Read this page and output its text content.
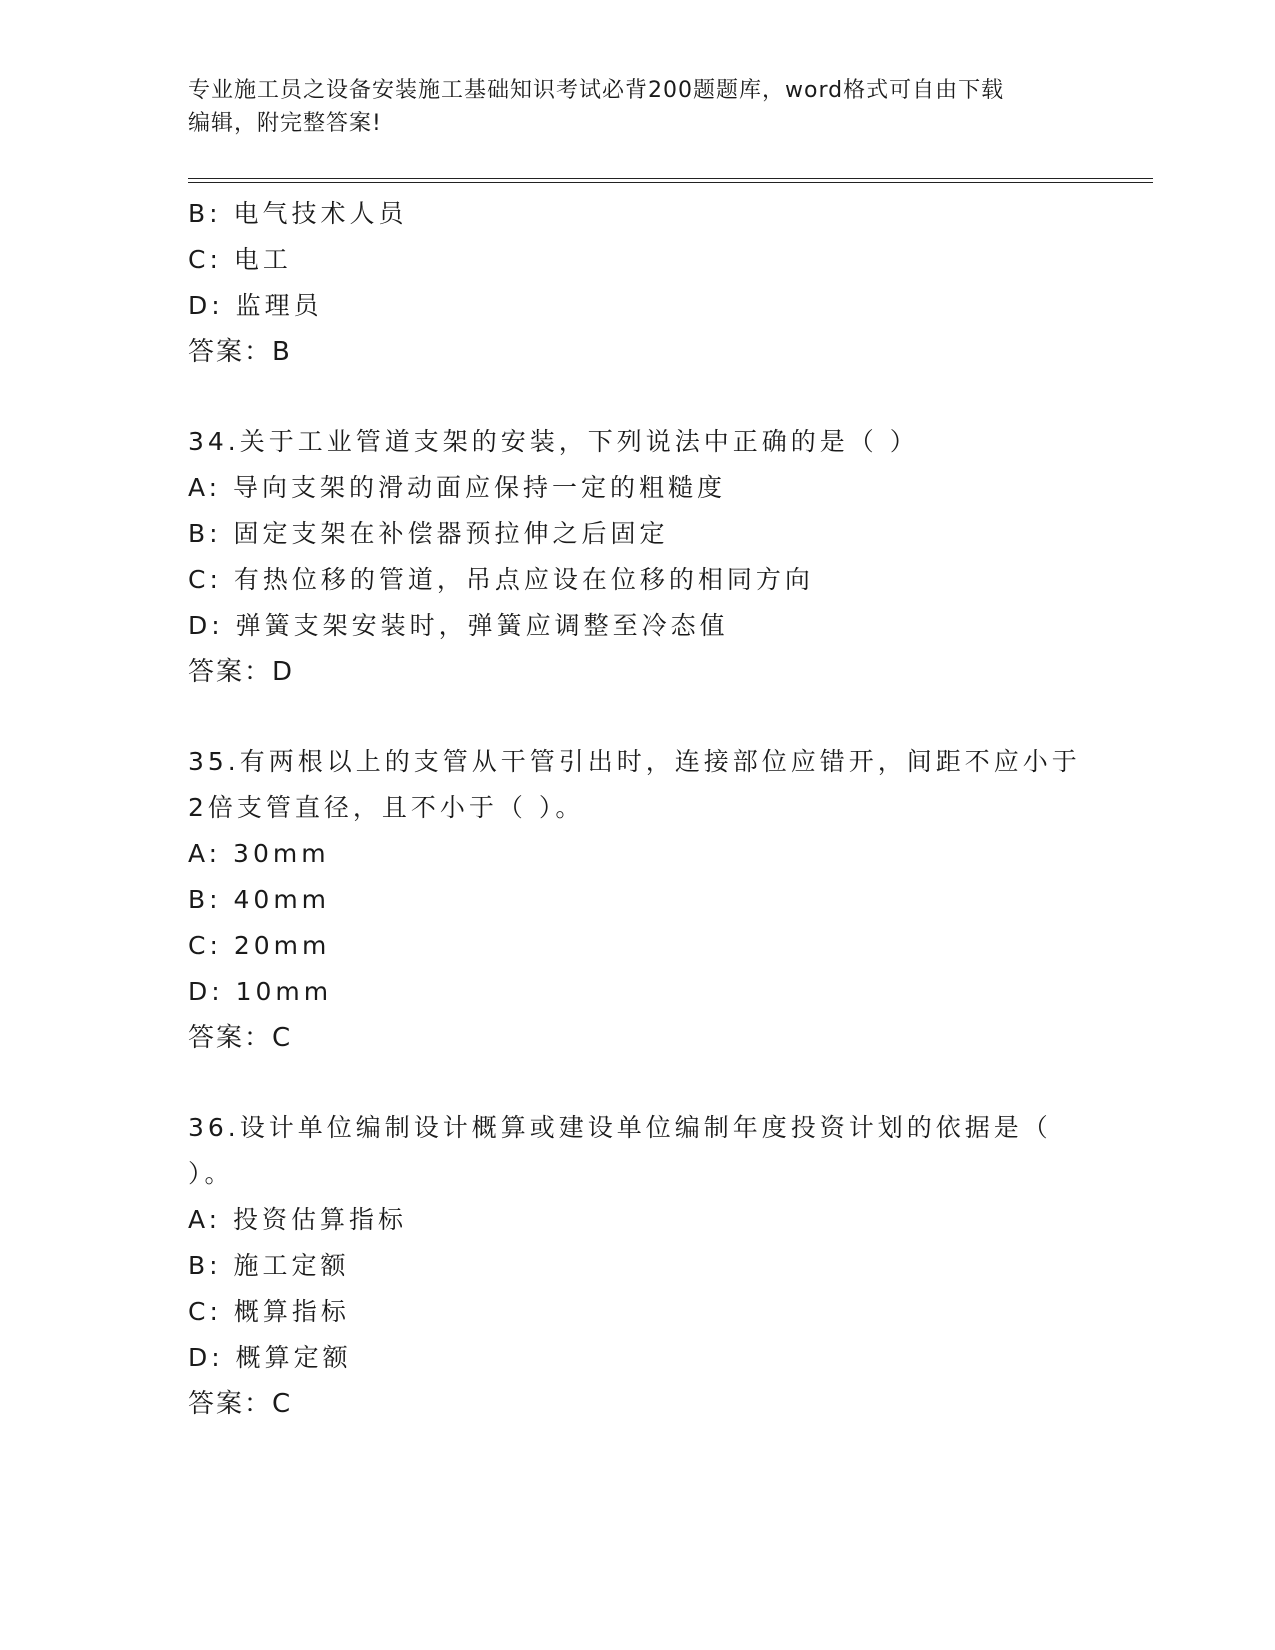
专业施工员之设备安装施工基础知识考试必背200题题库，word格式可自由下载
编辑，附完整答案!
B: 电气技术人员
C: 电工
D: 监理员
答案：B
34.关于工业管道支架的安装，下列说法中正确的是（ ）
A: 导向支架的滑动面应保持一定的粗糙度
B: 固定支架在补偿器预拉伸之后固定
C: 有热位移的管道，吊点应设在位移的相同方向
D: 弹簧支架安装时，弹簧应调整至冷态值
答案：D
35.有两根以上的支管从干管引出时，连接部位应错开，间距不应小于
2倍支管直径，且不小于（ ）。
A: 30mm
B: 40mm
C: 20mm
D: 10mm
答案：C
36.设计单位编制设计概算或建设单位编制年度投资计划的依据是（
）。
A: 投资估算指标
B: 施工定额
C: 概算指标
D: 概算定额
答案：C
